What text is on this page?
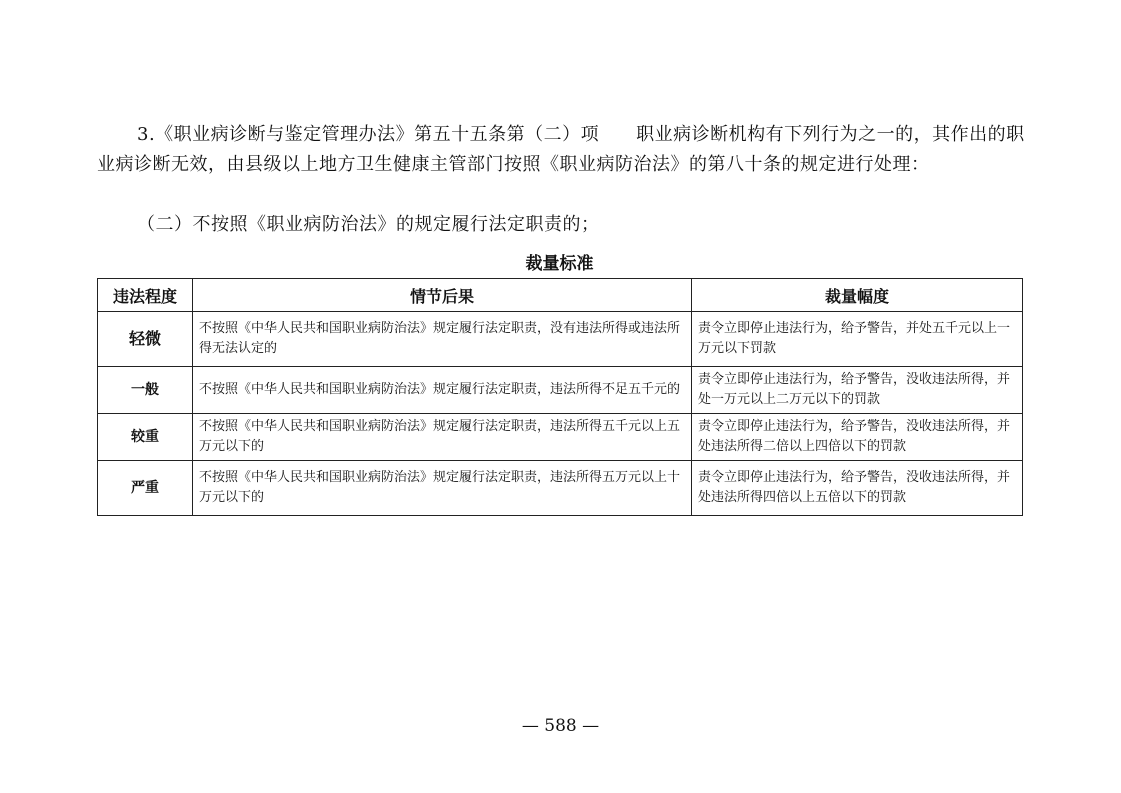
3.《职业病诊断与鉴定管理办法》第五十五条第（二）项　　职业病诊断机构有下列行为之一的，其作出的职业病诊断无效，由县级以上地方卫生健康主管部门按照《职业病防治法》的第八十条的规定进行处理：
（二）不按照《职业病防治法》的规定履行法定职责的；
裁量标准
违法程度	情节后果	裁量幅度
轻微	不按照《中华人民共和国职业病防治法》规定履行法定职责，没有违法所得或违法所得无法认定的	责令立即停止违法行为，给予警告，并处五千元以上一万元以下罚款
一般	不按照《中华人民共和国职业病防治法》规定履行法定职责，违法所得不足五千元的	责令立即停止违法行为，给予警告，没收违法所得，并处一万元以上二万元以下的罚款
较重	不按照《中华人民共和国职业病防治法》规定履行法定职责，违法所得五千元以上五万元以下的	责令立即停止违法行为，给予警告，没收违法所得，并处违法所得二倍以上四倍以下的罚款
严重	不按照《中华人民共和国职业病防治法》规定履行法定职责，违法所得五万元以上十万元以下的	责令立即停止违法行为，给予警告，没收违法所得，并处违法所得四倍以上五倍以下的罚款
— 588 —
